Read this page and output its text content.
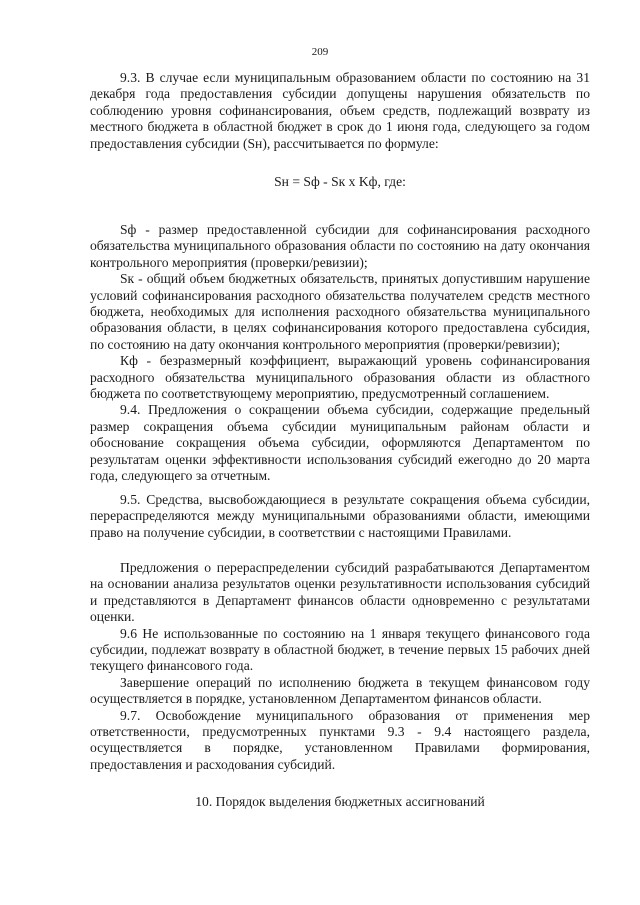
209

9.3. В случае если муниципальным образованием области по состоянию на 31 декабря года предоставления субсидии допущены нарушения обязательств по соблюдению уровня софинансирования, объем средств, подлежащий возврату из местного бюджета в областной бюджет в срок до 1 июня года, следующего за годом предоставления субсидии (Sн), рассчитывается по формуле:

Sн = Sф - Sк x Kф, где:

Sф - размер предоставленной субсидии для софинансирования расходного обязательства муниципального образования области по состоянию на дату окончания контрольного мероприятия (проверки/ревизии);

Sк - общий объем бюджетных обязательств, принятых допустившим нарушение условий софинансирования расходного обязательства получателем средств местного бюджета, необходимых для исполнения расходного обязательства муниципального образования области, в целях софинансирования которого предоставлена субсидия, по состоянию на дату окончания контрольного мероприятия (проверки/ревизии);

Кф - безразмерный коэффициент, выражающий уровень софинансирования расходного обязательства муниципального образования области из областного бюджета по соответствующему мероприятию, предусмотренный соглашением.

9.4. Предложения о сокращении объема субсидии, содержащие предельный размер сокращения объема субсидии муниципальным районам области и обоснование сокращения объема субсидии, оформляются Департаментом по результатам оценки эффективности использования субсидий ежегодно до 20 марта года, следующего за отчетным.

9.5. Средства, высвобождающиеся в результате сокращения объема субсидии, перераспределяются между муниципальными образованиями области, имеющими право на получение субсидии, в соответствии с настоящими Правилами.

Предложения о перераспределении субсидий разрабатываются Департаментом на основании анализа результатов оценки результативности использования субсидий и представляются в Департамент финансов области одновременно с результатами оценки.

9.6 Не использованные по состоянию на 1 января текущего финансового года субсидии, подлежат возврату в областной бюджет, в течение первых 15 рабочих дней текущего финансового года.

Завершение операций по исполнению бюджета в текущем финансовом году осуществляется в порядке, установленном Департаментом финансов области.

9.7. Освобождение муниципального образования от применения мер ответственности, предусмотренных пунктами 9.3 - 9.4 настоящего раздела, осуществляется в порядке, установленном Правилами формирования, предоставления и расходования субсидий.

10. Порядок выделения бюджетных ассигнований
